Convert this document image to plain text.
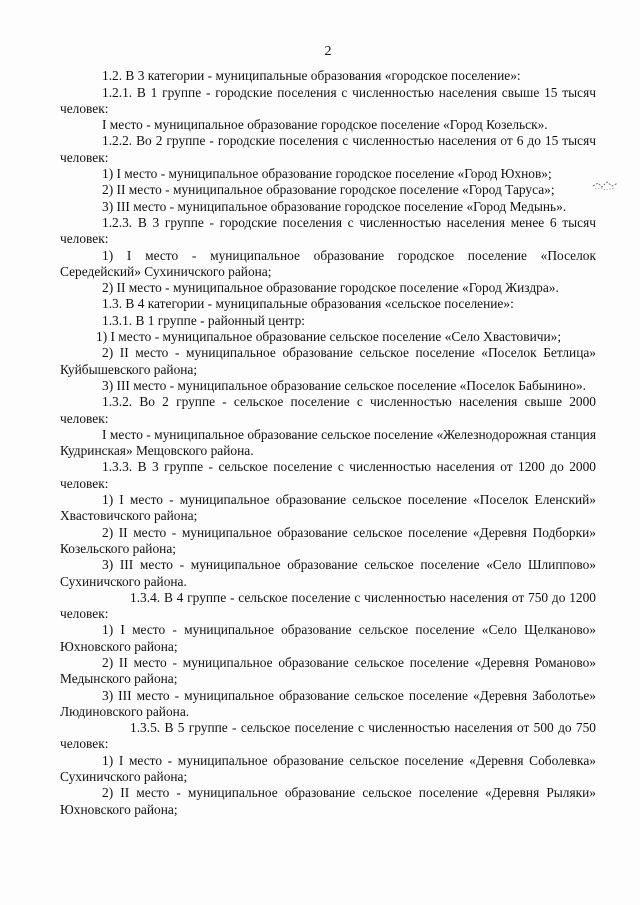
2

1.2. В 3 категории - муниципальные образования «городское поселение»:

1.2.1. В 1 группе - городские поселения с численностью населения свыше 15 тысяч человек:

I место - муниципальное образование городское поселение «Город Козельск».

1.2.2. Во 2 группе - городские поселения с численностью населения от 6 до 15 тысяч человек:

1) I место - муниципальное образование городское поселение «Город Юхнов»;

2) II место - муниципальное образование городское поселение «Город Таруса»;

3) III место - муниципальное образование городское поселение «Город Медынь».

1.2.3. В 3 группе - городские поселения с численностью населения менее 6 тысяч человек:

1) I место - муниципальное образование городское поселение «Поселок Середейский» Сухиничского района;

2) II место - муниципальное образование городское поселение «Город Жиздра».

1.3. В 4 категории - муниципальные образования «сельское поселение»:

1.3.1. В 1 группе - районный центр:

1) I место - муниципальное образование сельское поселение «Село Хвастовичи»;

2) II место - муниципальное образование сельское поселение «Поселок Бетлица» Куйбышевского района;

3) III место - муниципальное образование сельское поселение «Поселок Бабынино».

1.3.2. Во 2 группе - сельское поселение с численностью населения свыше 2000 человек:

I место - муниципальное образование сельское поселение «Железнодорожная станция Кудринская» Мещовского района.

1.3.3. В 3 группе - сельское поселение с численностью населения от 1200 до 2000 человек:

1) I место - муниципальное образование сельское поселение «Поселок Еленский» Хвастовичского района;

2) II место - муниципальное образование сельское поселение «Деревня Подборки» Козельского района;

3) III место - муниципальное образование сельское поселение «Село Шлиппово» Сухиничского района.

1.3.4. В 4 группе - сельское поселение с численностью населения от 750 до 1200 человек:

1) I место - муниципальное образование сельское поселение «Село Щелканово» Юхновского района;

2) II место - муниципальное образование сельское поселение «Деревня Романово» Медынского района;

3) III место - муниципальное образование сельское поселение «Деревня Заболотье» Людиновского района.

1.3.5. В 5 группе - сельское поселение с численностью населения от 500 до 750 человек:

1) I место - муниципальное образование сельское поселение «Деревня Соболевка» Сухиничского района;

2) II место - муниципальное образование сельское поселение «Деревня Рыляки» Юхновского района;
